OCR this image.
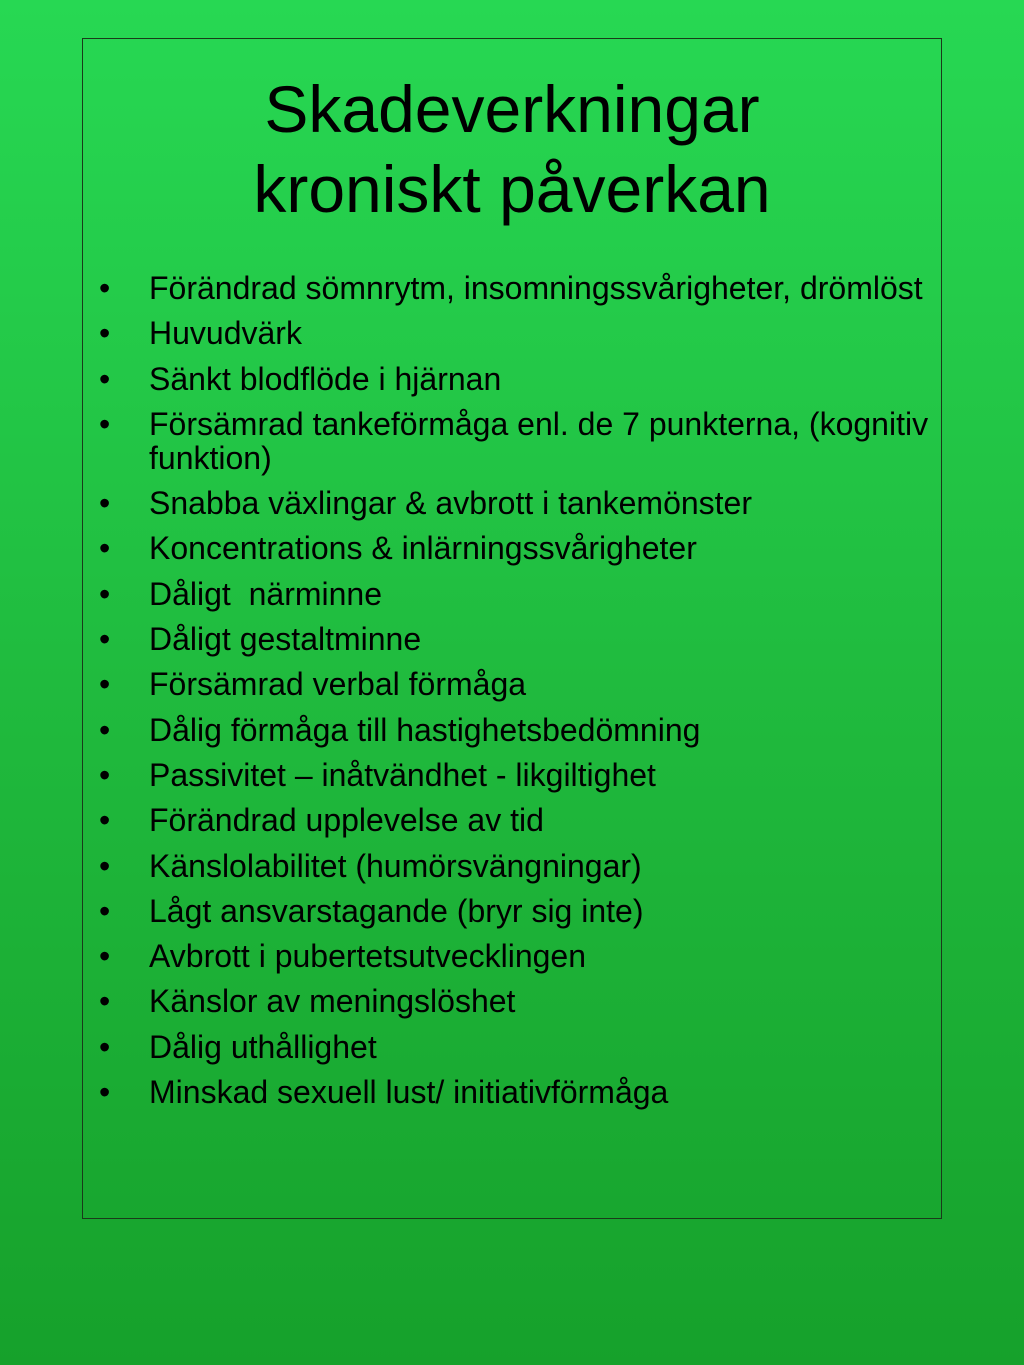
Skadeverkningar
kroniskt påverkan
• Förändrad sömnrytm, insomningssvårigheter, drömlöst
• Huvudvärk
• Sänkt blodflöde i hjärnan
• Försämrad tankeförmåga enl. de 7 punkterna, (kognitiv funktion)
• Snabba växlingar & avbrott i tankemönster
• Koncentrations & inlärningssvårigheter
• Dåligt  närminne
• Dåligt gestaltminne
• Försämrad verbal förmåga
• Dålig förmåga till hastighetsbedömning
• Passivitet – inåtvändhet - likgiltighet
• Förändrad upplevelse av tid
• Känslolabilitet (humörsvängningar)
• Lågt ansvarstagande (bryr sig inte)
• Avbrott i pubertetsutvecklingen
• Känslor av meningslöshet
• Dålig uthållighet
• Minskad sexuell lust/ initiativförmåga
